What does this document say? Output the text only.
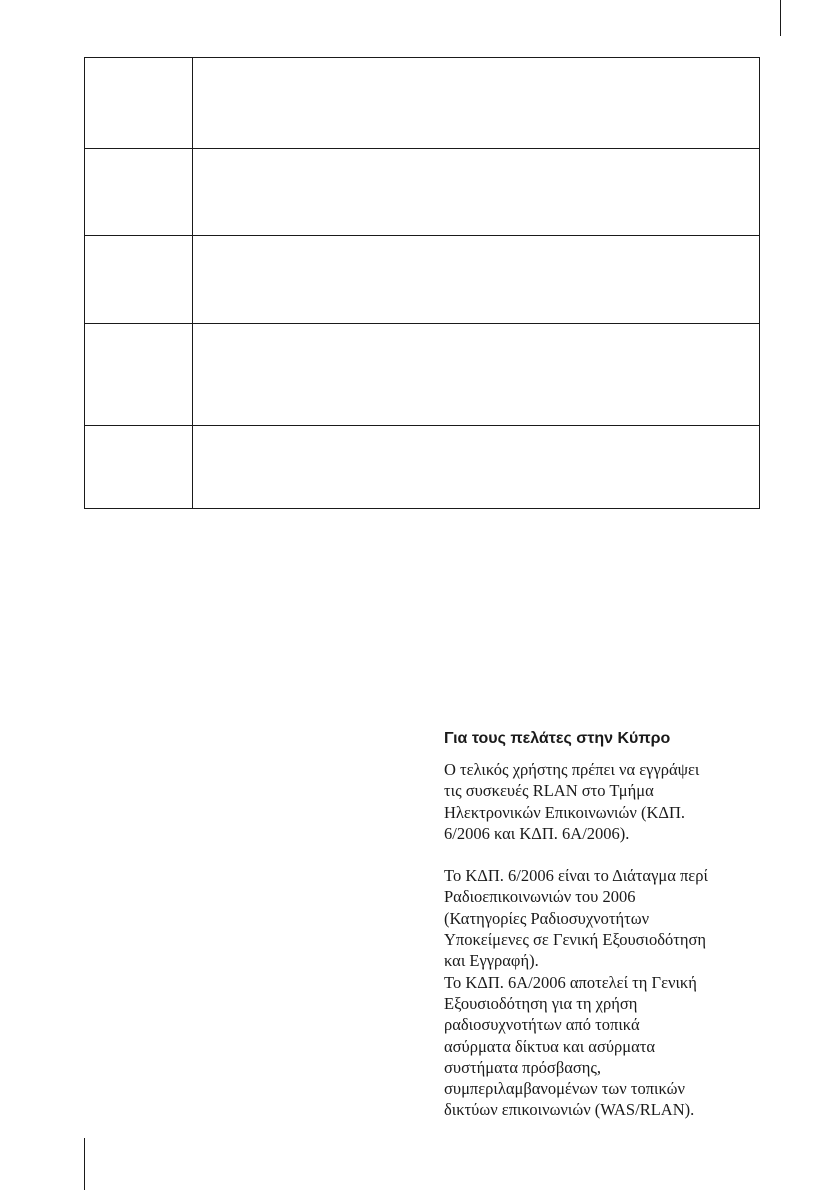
Για τους πελάτες στην Κύπρο

Ο τελικός χρήστης πρέπει να εγγράψει
τις συσκευές RLAN στο Τμήμα
Ηλεκτρονικών Επικοινωνιών (ΚΔΠ.
6/2006 και ΚΔΠ. 6Α/2006).

Το ΚΔΠ. 6/2006 είναι το Διάταγμα περί
Ραδιοεπικοινωνιών του 2006
(Κατηγορίες Ραδιοσυχνοτήτων
Υποκείμενες σε Γενική Εξουσιοδότηση
και Εγγραφή).

Το ΚΔΠ. 6Α/2006 αποτελεί τη Γενική
Εξουσιοδότηση για τη χρήση
ραδιοσυχνοτήτων από τοπικά
ασύρματα δίκτυα και ασύρματα
συστήματα πρόσβασης,
συμπεριλαμβανομένων των τοπικών
δικτύων επικοινωνιών (WAS/RLAN).
